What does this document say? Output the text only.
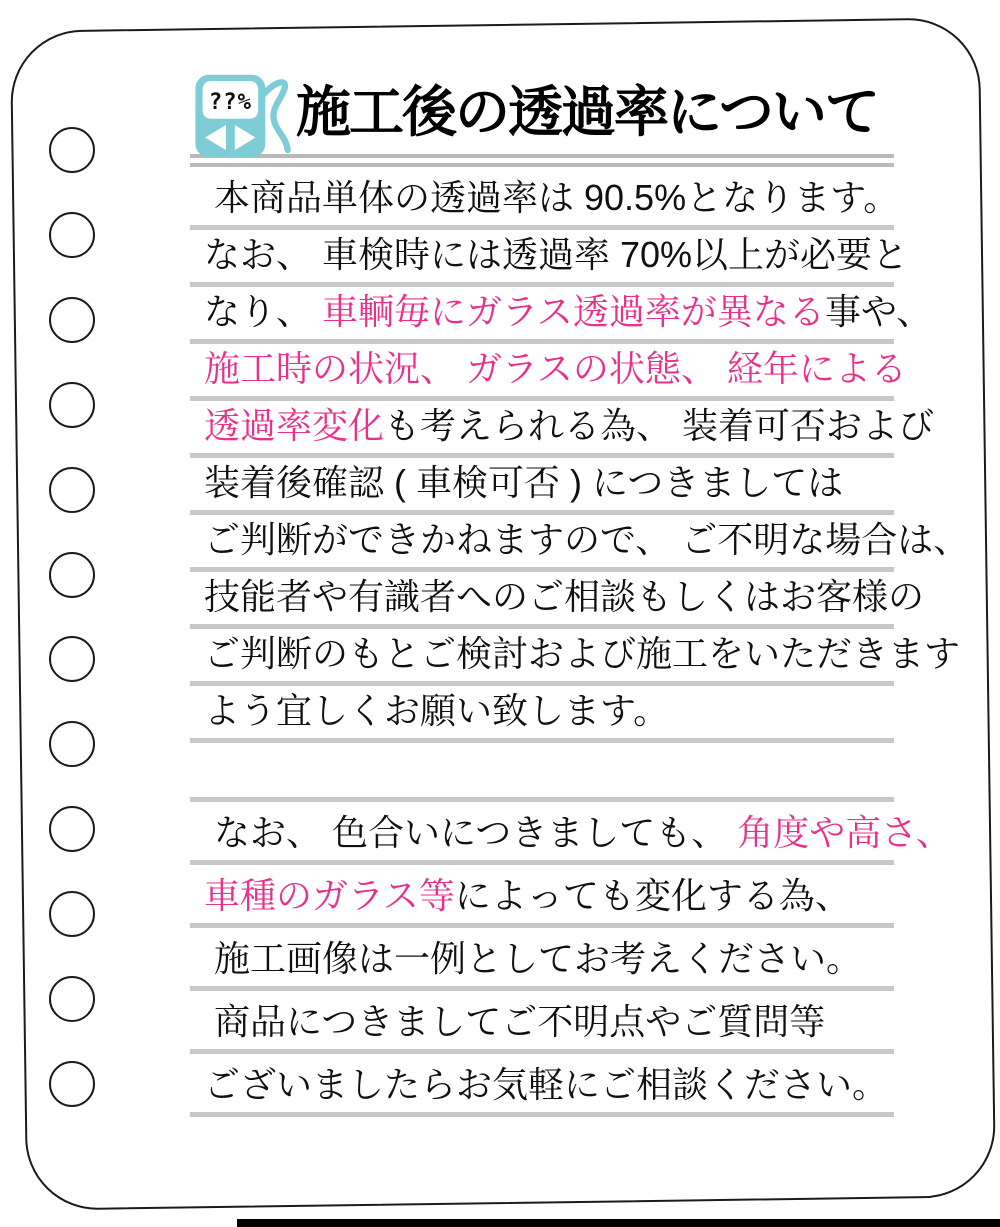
??% 施工後の透過率について
本商品単体の透過率は 90.5%となります。
なお、 車検時には透過率 70%以上が必要と
なり、 車輌毎にガラス透過率が異なる事や、
施工時の状況、 ガラスの状態、 経年による
透過率変化も考えられる為、 装着可否および
装着後確認 ( 車検可否 ) につきましては
ご判断ができかねますので、 ご不明な場合は、
技能者や有識者へのご相談もしくはお客様の
ご判断のもとご検討および施工をいただきます
よう宜しくお願い致します。
なお、 色合いにつきましても、 角度や高さ、
車種のガラス等によっても変化する為、
施工画像は一例としてお考えください。
商品につきましてご不明点やご質問等
ございましたらお気軽にご相談ください。
